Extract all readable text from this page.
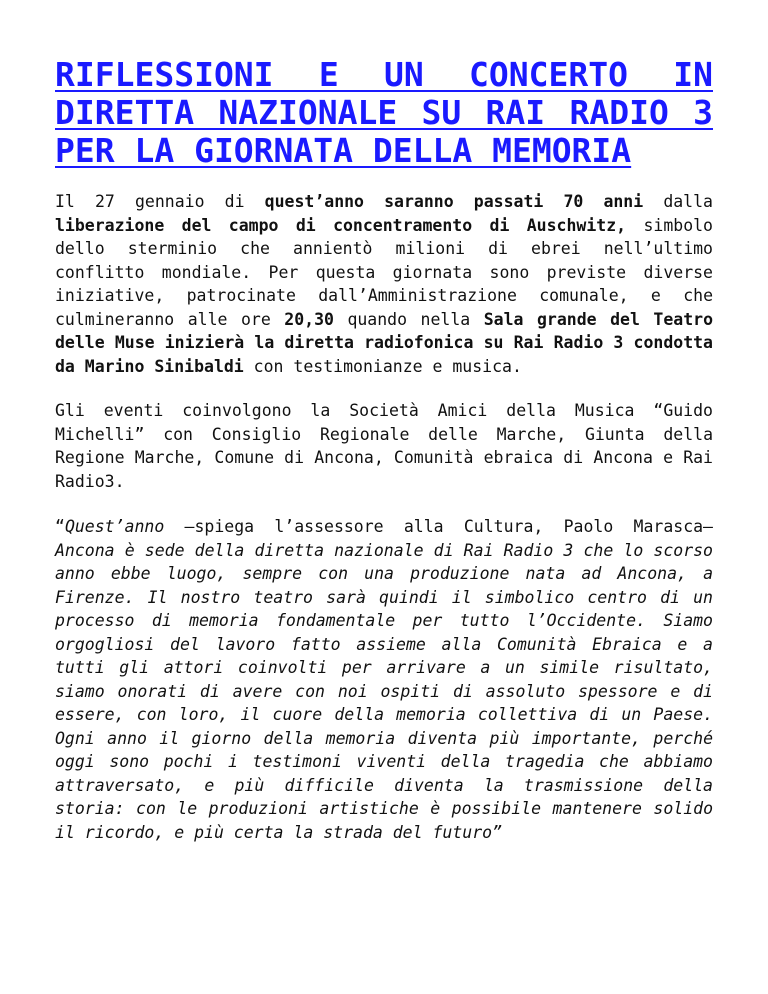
RIFLESSIONI E UN CONCERTO IN DIRETTA NAZIONALE SU RAI RADIO 3 PER LA GIORNATA DELLA MEMORIA

Il 27 gennaio di quest’anno saranno passati 70 anni dalla liberazione del campo di concentramento di Auschwitz, simbolo dello sterminio che annientò milioni di ebrei nell’ultimo conflitto mondiale. Per questa giornata sono previste diverse iniziative, patrocinate dall’Amministrazione comunale, e che culmineranno alle ore 20,30 quando nella Sala grande del Teatro delle Muse inizierà la diretta radiofonica su Rai Radio 3 condotta da Marino Sinibaldi con testimonianze e musica.

Gli eventi coinvolgono la Società Amici della Musica “Guido Michelli” con Consiglio Regionale delle Marche, Giunta della Regione Marche, Comune di Ancona, Comunità ebraica di Ancona e Rai Radio3.

“Quest’anno –spiega l’assessore alla Cultura, Paolo Marasca– Ancona è sede della diretta nazionale di Rai Radio 3 che lo scorso anno ebbe luogo, sempre con una produzione nata ad Ancona, a Firenze. Il nostro teatro sarà quindi il simbolico centro di un processo di memoria fondamentale per tutto l’Occidente. Siamo orgogliosi del lavoro fatto assieme alla Comunità Ebraica e a tutti gli attori coinvolti per arrivare a un simile risultato, siamo onorati di avere con noi ospiti di assoluto spessore e di essere, con loro, il cuore della memoria collettiva di un Paese. Ogni anno il giorno della memoria diventa più importante, perché oggi sono pochi i testimoni viventi della tragedia che abbiamo attraversato, e più difficile diventa la trasmissione della storia: con le produzioni artistiche è possibile mantenere solido il ricordo, e più certa la strada del futuro”
